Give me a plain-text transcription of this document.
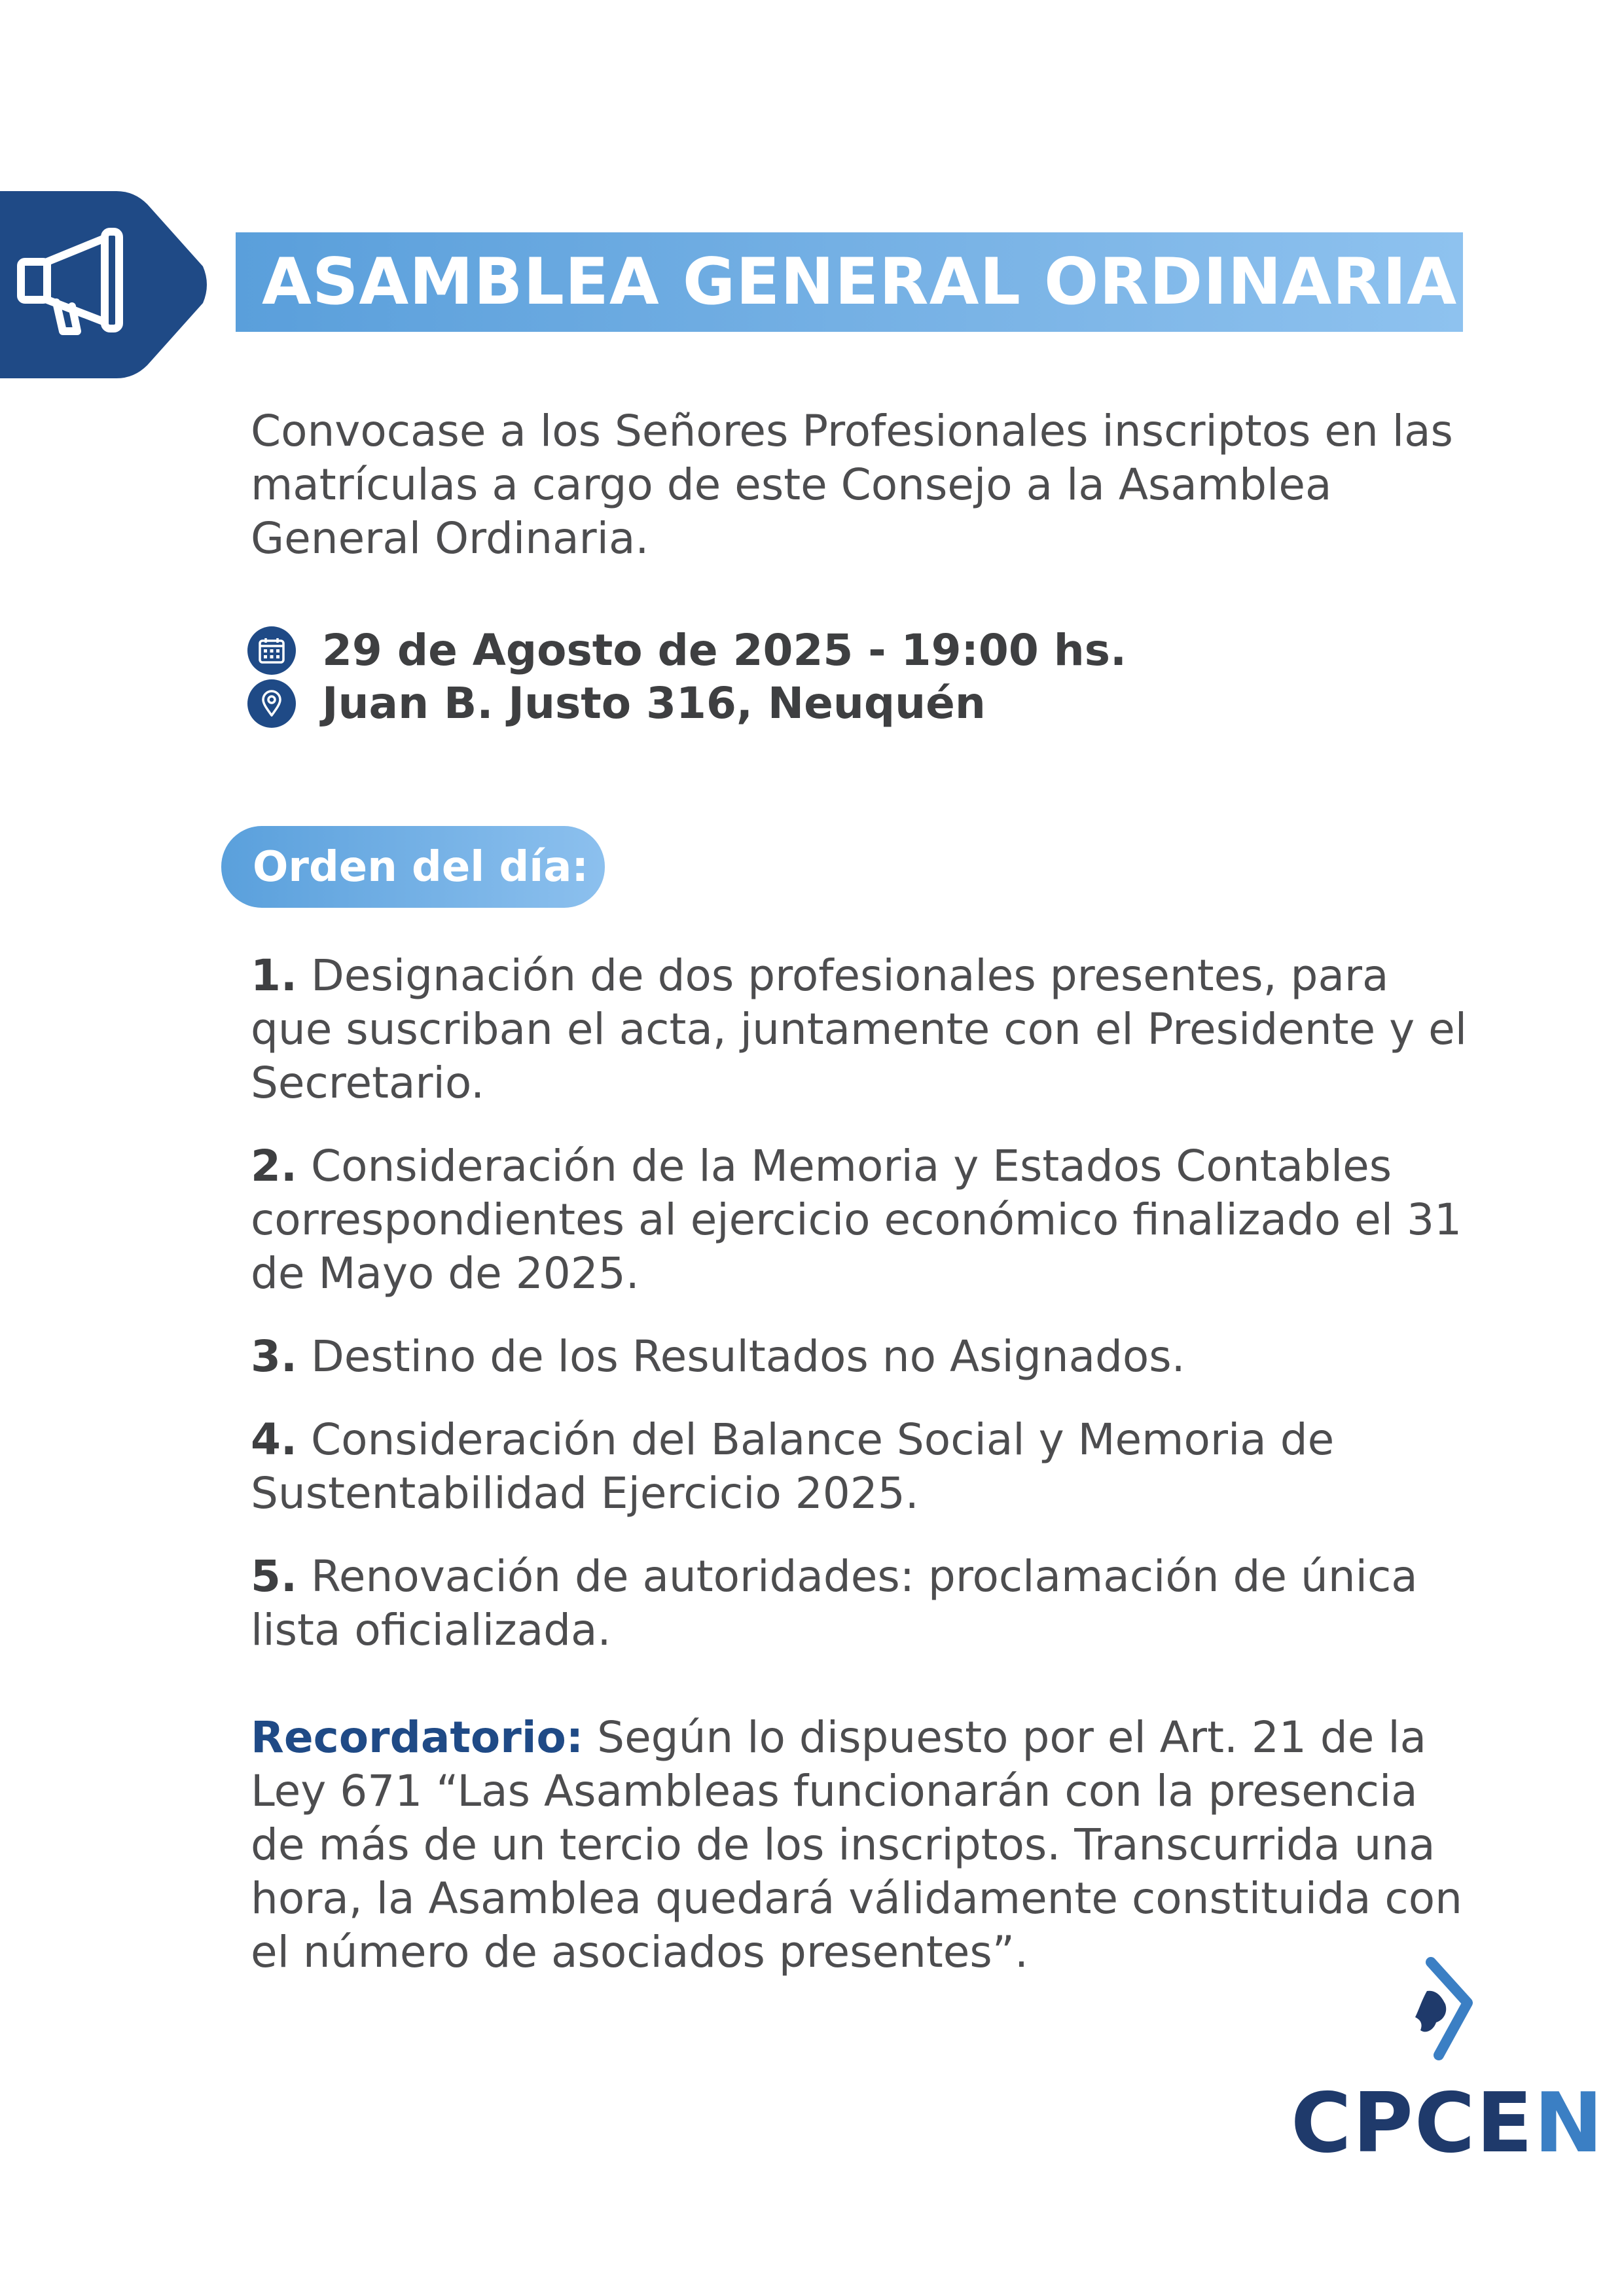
ASAMBLEA GENERAL ORDINARIA

Convocase a los Señores Profesionales inscriptos en las matrículas a cargo de este Consejo a la Asamblea General Ordinaria.

29 de Agosto de 2025 - 19:00 hs.
Juan B. Justo 316, Neuquén
Orden del día:

1. Designación de dos profesionales presentes, para que suscriban el acta, juntamente con el Presidente y el Secretario.

2. Consideración de la Memoria y Estados Contables correspondientes al ejercicio económico finalizado el 31 de Mayo de 2025.

3. Destino de los Resultados no Asignados.

4. Consideración del Balance Social y Memoria de Sustentabilidad Ejercicio 2025.

5. Renovación de autoridades: proclamación de única lista oficializada.

Recordatorio: Según lo dispuesto por el Art. 21 de la Ley 671 “Las Asambleas funcionarán con la presencia de más de un tercio de los inscriptos. Transcurrida una hora, la Asamblea quedará válidamente constituida con el número de asociados presentes”.

CPCEN
